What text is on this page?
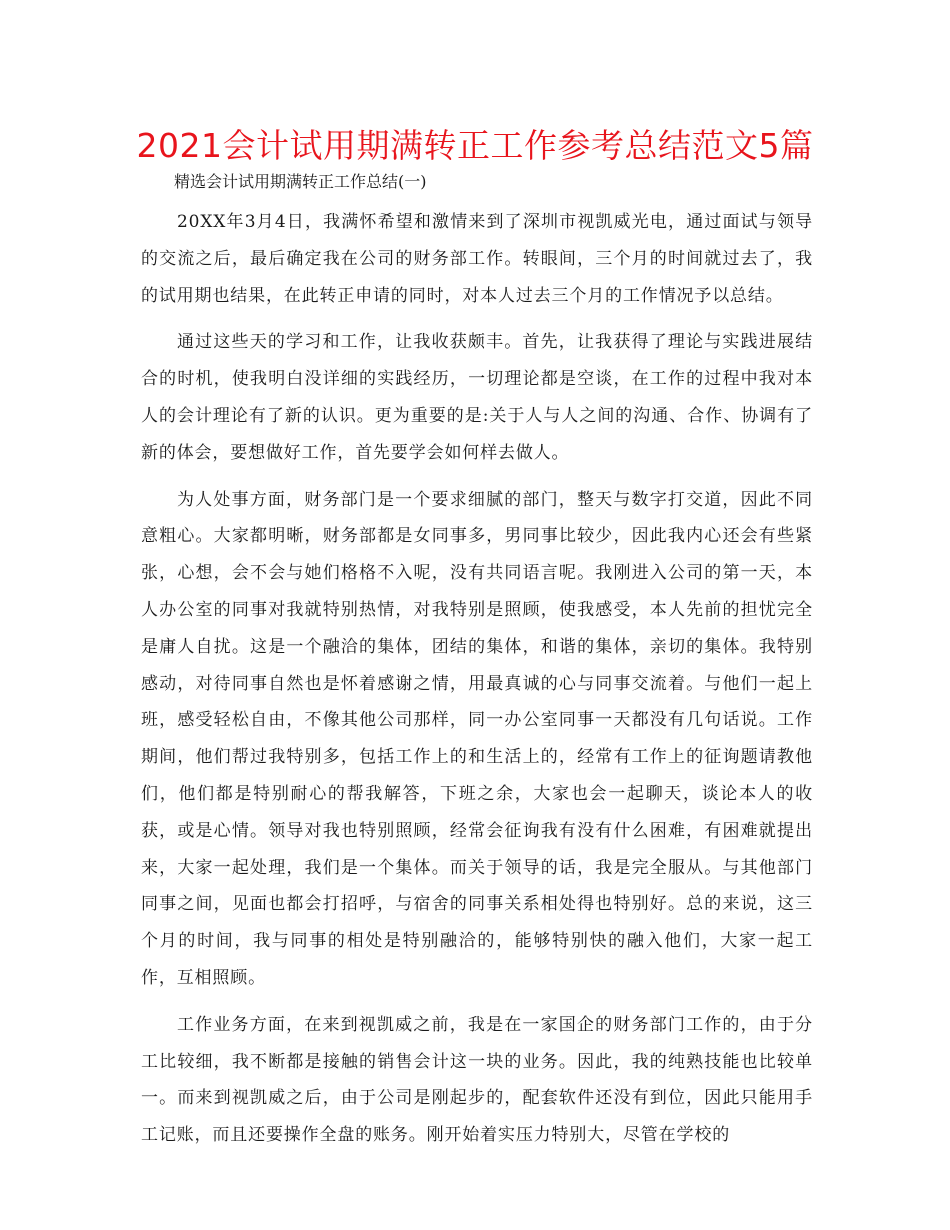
2021会计试用期满转正工作参考总结范文5篇
精选会计试用期满转正工作总结(一)

20XX年3月4日，我满怀希望和激情来到了深圳市视凯威光电，通过面试与领导的交流之后，最后确定我在公司的财务部工作。转眼间，三个月的时间就过去了，我的试用期也结果，在此转正申请的同时，对本人过去三个月的工作情况予以总结。

通过这些天的学习和工作，让我收获颇丰。首先，让我获得了理论与实践进展结合的时机，使我明白没详细的实践经历，一切理论都是空谈，在工作的过程中我对本人的会计理论有了新的认识。更为重要的是:关于人与人之间的沟通、合作、协调有了新的体会，要想做好工作，首先要学会如何样去做人。

为人处事方面，财务部门是一个要求细腻的部门，整天与数字打交道，因此不同意粗心。大家都明晰，财务部都是女同事多，男同事比较少，因此我内心还会有些紧张，心想，会不会与她们格格不入呢，没有共同语言呢。我刚进入公司的第一天，本人办公室的同事对我就特别热情，对我特别是照顾，使我感受，本人先前的担忧完全是庸人自扰。这是一个融洽的集体，团结的集体，和谐的集体，亲切的集体。我特别感动，对待同事自然也是怀着感谢之情，用最真诚的心与同事交流着。与他们一起上班，感受轻松自由，不像其他公司那样，同一办公室同事一天都没有几句话说。工作期间，他们帮过我特别多，包括工作上的和生活上的，经常有工作上的征询题请教他们，他们都是特别耐心的帮我解答，下班之余，大家也会一起聊天，谈论本人的收获，或是心情。领导对我也特别照顾，经常会征询我有没有什么困难，有困难就提出来，大家一起处理，我们是一个集体。而关于领导的话，我是完全服从。与其他部门同事之间，见面也都会打招呼，与宿舍的同事关系相处得也特别好。总的来说，这三个月的时间，我与同事的相处是特别融洽的，能够特别快的融入他们，大家一起工作，互相照顾。

工作业务方面，在来到视凯威之前，我是在一家国企的财务部门工作的，由于分工比较细，我不断都是接触的销售会计这一块的业务。因此，我的纯熟技能也比较单一。而来到视凯威之后，由于公司是刚起步的，配套软件还没有到位，因此只能用手工记账，而且还要操作全盘的账务。刚开始着实压力特别大，尽管在学校的
